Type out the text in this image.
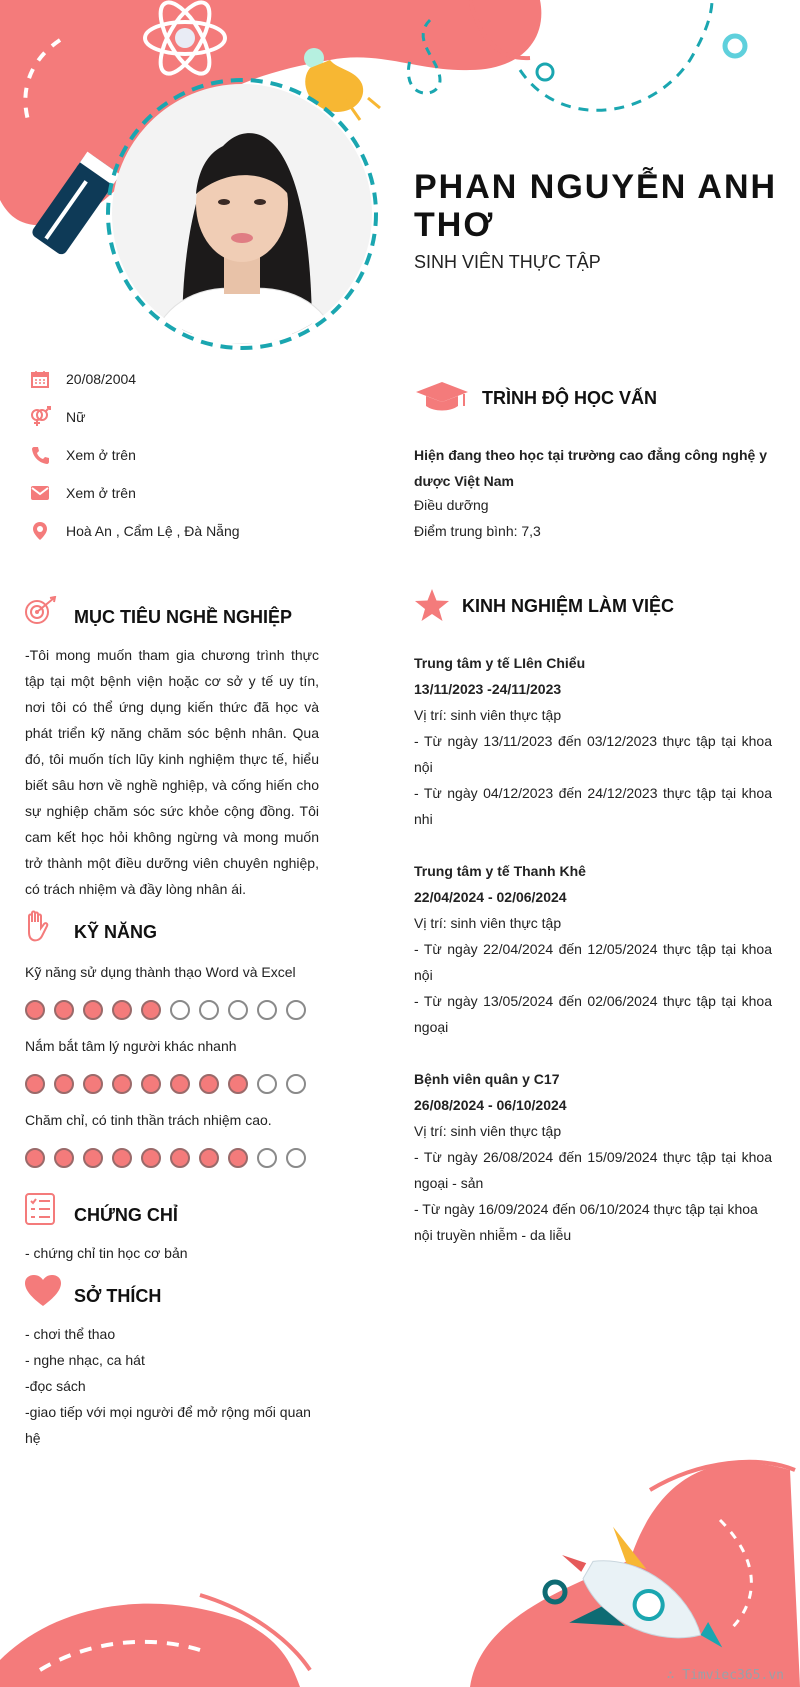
PHAN NGUYỄN ANH THƠ
SINH VIÊN THỰC TẬP
20/08/2004
Nữ
Xem ở trên
Xem ở trên
Hoà An , Cẩm Lệ , Đà Nẵng
MỤC TIÊU NGHỀ NGHIỆP
-Tôi mong muốn tham gia chương trình thực tập tại một bệnh viện hoặc cơ sở y tế uy tín, nơi tôi có thể ứng dụng kiến thức đã học và phát triển kỹ năng chăm sóc bệnh nhân. Qua đó, tôi muốn tích lũy kinh nghiệm thực tế, hiểu biết sâu hơn về nghề nghiệp, và cống hiến cho sự nghiệp chăm sóc sức khỏe cộng đồng. Tôi cam kết học hỏi không ngừng và mong muốn trở thành một điều dưỡng viên chuyên nghiệp, có trách nhiệm và đầy lòng nhân ái.
KỸ NĂNG
Kỹ năng sử dụng thành thạo Word và Excel
Nắm bắt tâm lý người khác nhanh
Chăm chỉ, có tinh thần trách nhiệm cao.
CHỨNG CHỈ
- chứng chỉ tin học cơ bản
SỞ THÍCH
- chơi thể thao
- nghe nhạc, ca hát
-đọc sách
-giao tiếp với mọi người để mở rộng mối quan hệ
TRÌNH ĐỘ HỌC VẤN
Hiện đang theo học tại trường cao đẳng công nghệ y dược Việt Nam
Điều dưỡng
Điểm trung bình: 7,3
KINH NGHIỆM LÀM VIỆC
Trung tâm y tế LIên Chiểu
13/11/2023 -24/11/2023
Vị trí: sinh viên thực tập
- Từ ngày 13/11/2023 đến 03/12/2023 thực tập tại khoa nội
- Từ ngày 04/12/2023 đến 24/12/2023 thực tập tại khoa nhi
Trung tâm y tế Thanh Khê
22/04/2024 - 02/06/2024
Vị trí: sinh viên thực tập
- Từ ngày 22/04/2024 đến 12/05/2024 thực tập tại khoa nội
- Từ ngày 13/05/2024 đến 02/06/2024 thực tập tại khoa ngoại
Bệnh viên quân y C17
26/08/2024 - 06/10/2024
Vị trí: sinh viên thực tập
- Từ ngày 26/08/2024 đến 15/09/2024 thực tập tại khoa ngoại - sản
- Từ ngày 16/09/2024 đến 06/10/2024 thực tập tại khoa nội truyền nhiễm - da liễu
∴ Timviec365.vn
